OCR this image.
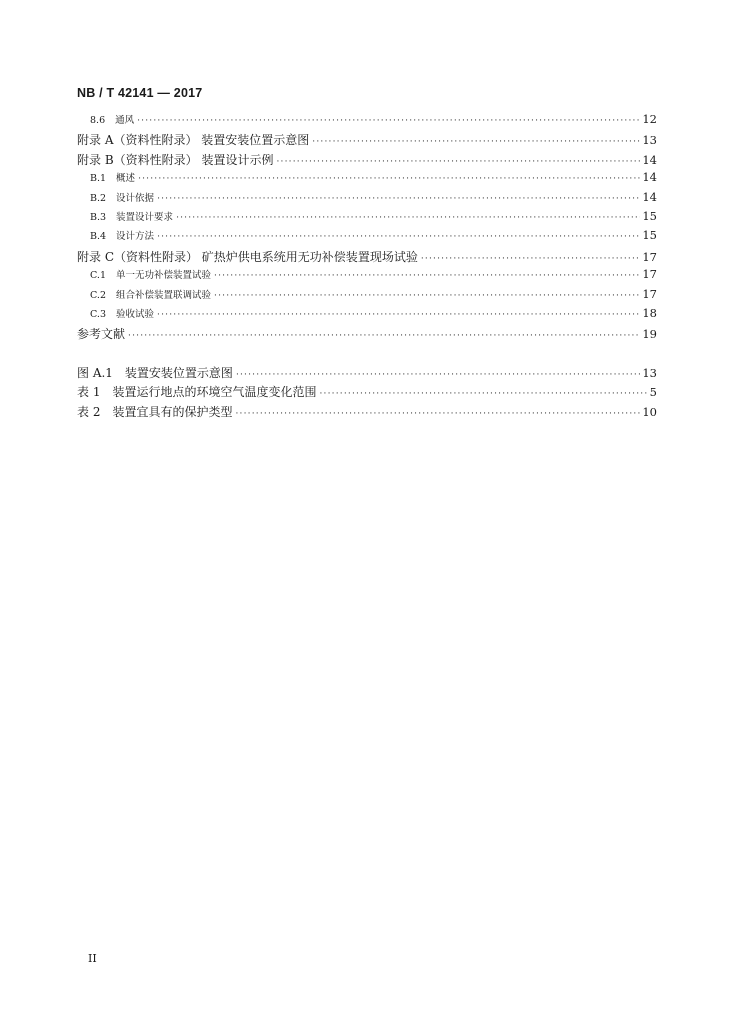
NB / T 42141 — 2017
8.6 通风 ·····	12
附录 A（资料性附录） 装置安装位置示意图 ·····	13
附录 B（资料性附录） 装置设计示例 ·····	14
B.1 概述 ·····	14
B.2 设计依据 ·····	14
B.3 装置设计要求 ·····	15
B.4 设计方法 ·····	15
附录 C（资料性附录） 矿热炉供电系统用无功补偿装置现场试验 ·····	17
C.1 单一无功补偿装置试验 ·····	17
C.2 组合补偿装置联调试验 ·····	17
C.3 验收试验 ·····	18
参考文献 ·····	19
图 A.1　装置安装位置示意图 ·····	13
表 1　装置运行地点的环境空气温度变化范围 ·····	5
表 2　装置宜具有的保护类型 ·····	10
II
